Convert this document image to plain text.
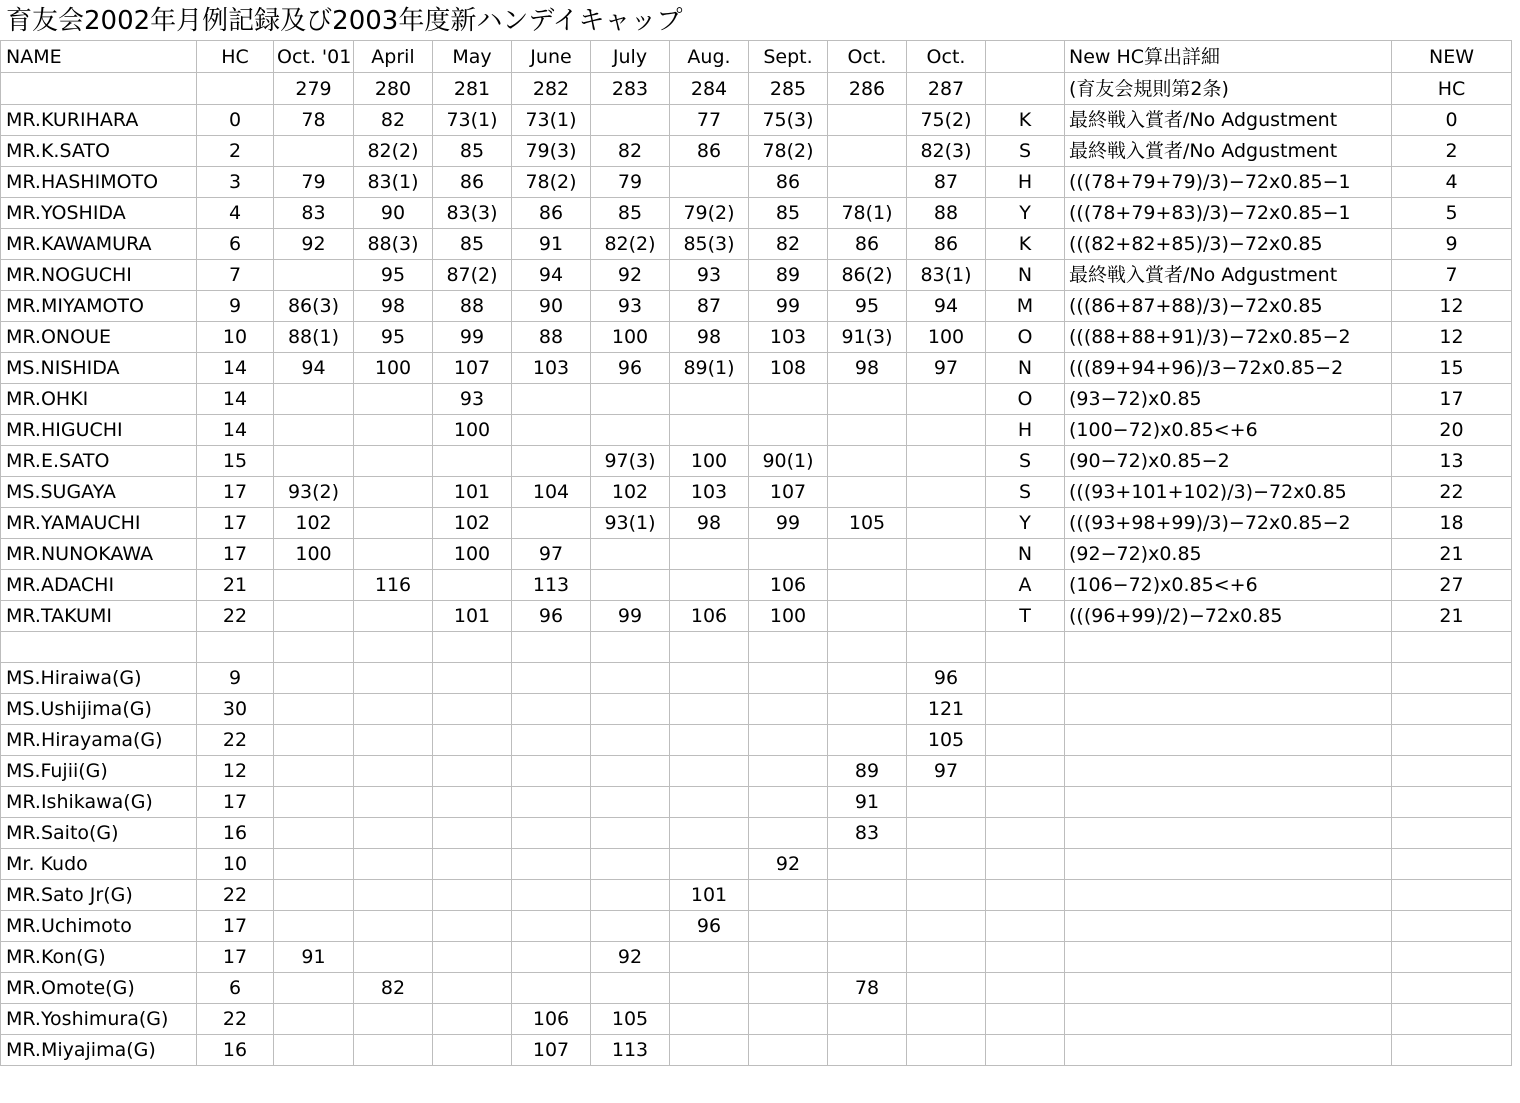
育友会2002年月例記録及び2003年度新ハンデイキャップ
NAME	HC	Oct. '01	April	May	June	July	Aug.	Sept.	Oct.	Oct.		New HC算出詳細	NEW
		279	280	281	282	283	284	285	286	287		(育友会規則第2条)	HC
MR.KURIHARA	0	78	82	73(1)	73(1)		77	75(3)		75(2)	K	最終戦入賞者/No Adgustment	0
MR.K.SATO	2		82(2)	85	79(3)	82	86	78(2)		82(3)	S	最終戦入賞者/No Adgustment	2
MR.HASHIMOTO	3	79	83(1)	86	78(2)	79		86		87	H	(((78+79+79)/3)−72x0.85−1	4
MR.YOSHIDA	4	83	90	83(3)	86	85	79(2)	85	78(1)	88	Y	(((78+79+83)/3)−72x0.85−1	5
MR.KAWAMURA	6	92	88(3)	85	91	82(2)	85(3)	82	86	86	K	(((82+82+85)/3)−72x0.85	9
MR.NOGUCHI	7		95	87(2)	94	92	93	89	86(2)	83(1)	N	最終戦入賞者/No Adgustment	7
MR.MIYAMOTO	9	86(3)	98	88	90	93	87	99	95	94	M	(((86+87+88)/3)−72x0.85	12
MR.ONOUE	10	88(1)	95	99	88	100	98	103	91(3)	100	O	(((88+88+91)/3)−72x0.85−2	12
MS.NISHIDA	14	94	100	107	103	96	89(1)	108	98	97	N	(((89+94+96)/3−72x0.85−2	15
MR.OHKI	14			93							O	(93−72)x0.85	17
MR.HIGUCHI	14			100							H	(100−72)x0.85<+6	20
MR.E.SATO	15					97(3)	100	90(1)			S	(90−72)x0.85−2	13
MS.SUGAYA	17	93(2)		101	104	102	103	107			S	(((93+101+102)/3)−72x0.85	22
MR.YAMAUCHI	17	102		102		93(1)	98	99	105		Y	(((93+98+99)/3)−72x0.85−2	18
MR.NUNOKAWA	17	100		100	97						N	(92−72)x0.85	21
MR.ADACHI	21		116		113			106			A	(106−72)x0.85<+6	27
MR.TAKUMI	22			101	96	99	106	100			T	(((96+99)/2)−72x0.85	21

MS.Hiraiwa(G)	9									96			
MS.Ushijima(G)	30									121			
MR.Hirayama(G)	22									105			
MS.Fujii(G)	12								89	97			
MR.Ishikawa(G)	17								91				
MR.Saito(G)	16								83				
Mr. Kudo	10							92					
MR.Sato Jr(G)	22						101						
MR.Uchimoto	17						96						
MR.Kon(G)	17	91				92							
MR.Omote(G)	6		82						78				
MR.Yoshimura(G)	22				106	105							
MR.Miyajima(G)	16				107	113							
